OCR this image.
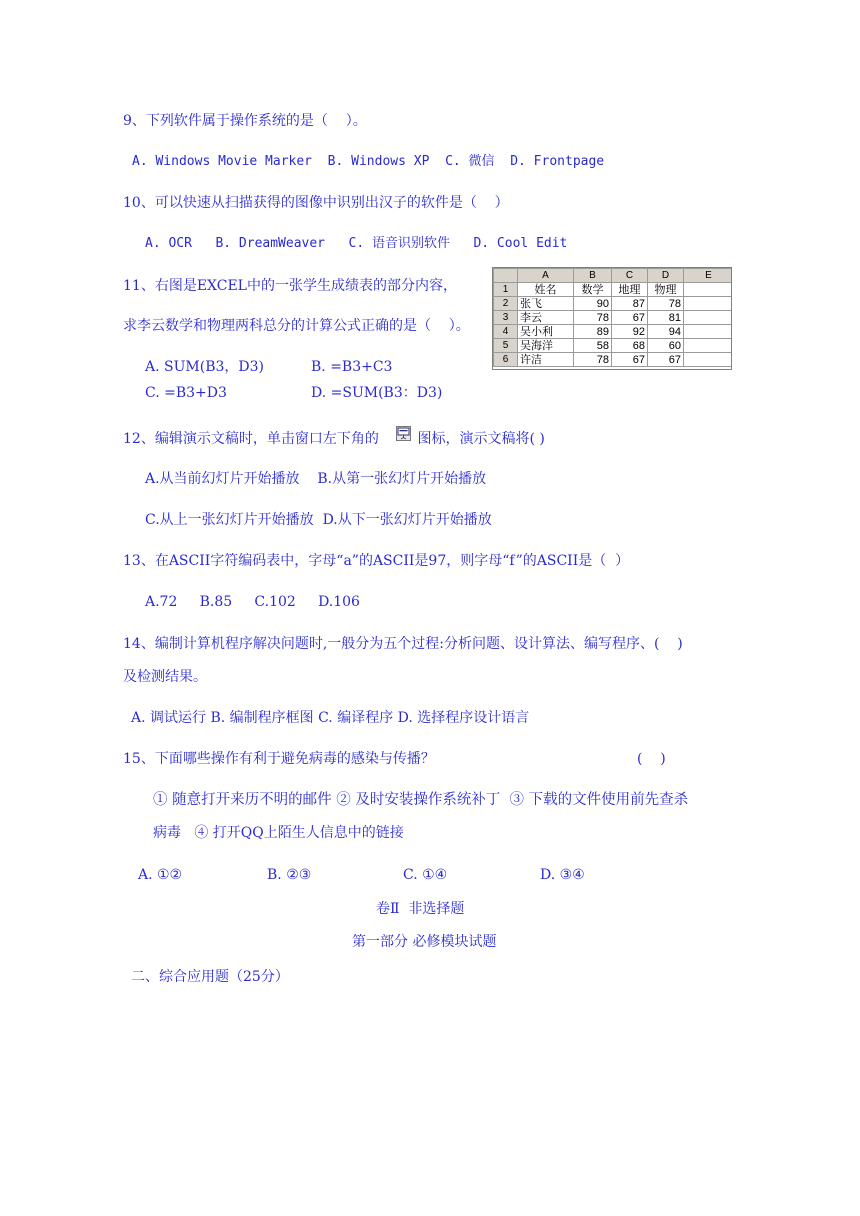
9、下列软件属于操作系统的是（    ）。
A. Windows Movie Marker  B. Windows XP  C. 微信  D. Frontpage
10、可以快速从扫描获得的图像中识别出汉子的软件是（    ）
A. OCR   B. DreamWeaver   C. 语音识别软件   D. Cool Edit
11、右图是EXCEL中的一张学生成绩表的部分内容，
求李云数学和物理两科总分的计算公式正确的是（    ）。
A. SUM(B3，D3)	B. =B3+C3
C. =B3+D3	D. =SUM(B3：D3)
	A	B	C	D	E
1	姓名	数学	地理	物理	
2	张飞	90	87	78	
3	李云	78	67	81	
4	吴小利	89	92	94	
5	吴海洋	58	68	60	
6	许洁	78	67	67	
12、编辑演示文稿时，单击窗口左下角的 图标，演示文稿将( )
A.从当前幻灯片开始播放    B.从第一张幻灯片开始播放
C.从上一张幻灯片开始播放  D.从下一张幻灯片开始播放
13、在ASCII字符编码表中，字母“a”的ASCII是97，则字母“f”的ASCII是（  ）
A.72     B.85     C.102     D.106
14、编制计算机程序解决问题时,一般分为五个过程:分析问题、设计算法、编写程序、(    )
及检测结果。
A. 调试运行 B. 编制程序框图 C. 编译程序 D. 选择程序设计语言
15、下面哪些操作有利于避免病毒的感染与传播？	(    )
① 随意打开来历不明的邮件 ② 及时安装操作系统补丁  ③ 下载的文件使用前先查杀
病毒   ④ 打开QQ上陌生人信息中的链接
A. ①②	B. ②③	C. ①④	D. ③④
卷Ⅱ  非选择题
第一部分 必修模块试题
二、综合应用题（25分）
